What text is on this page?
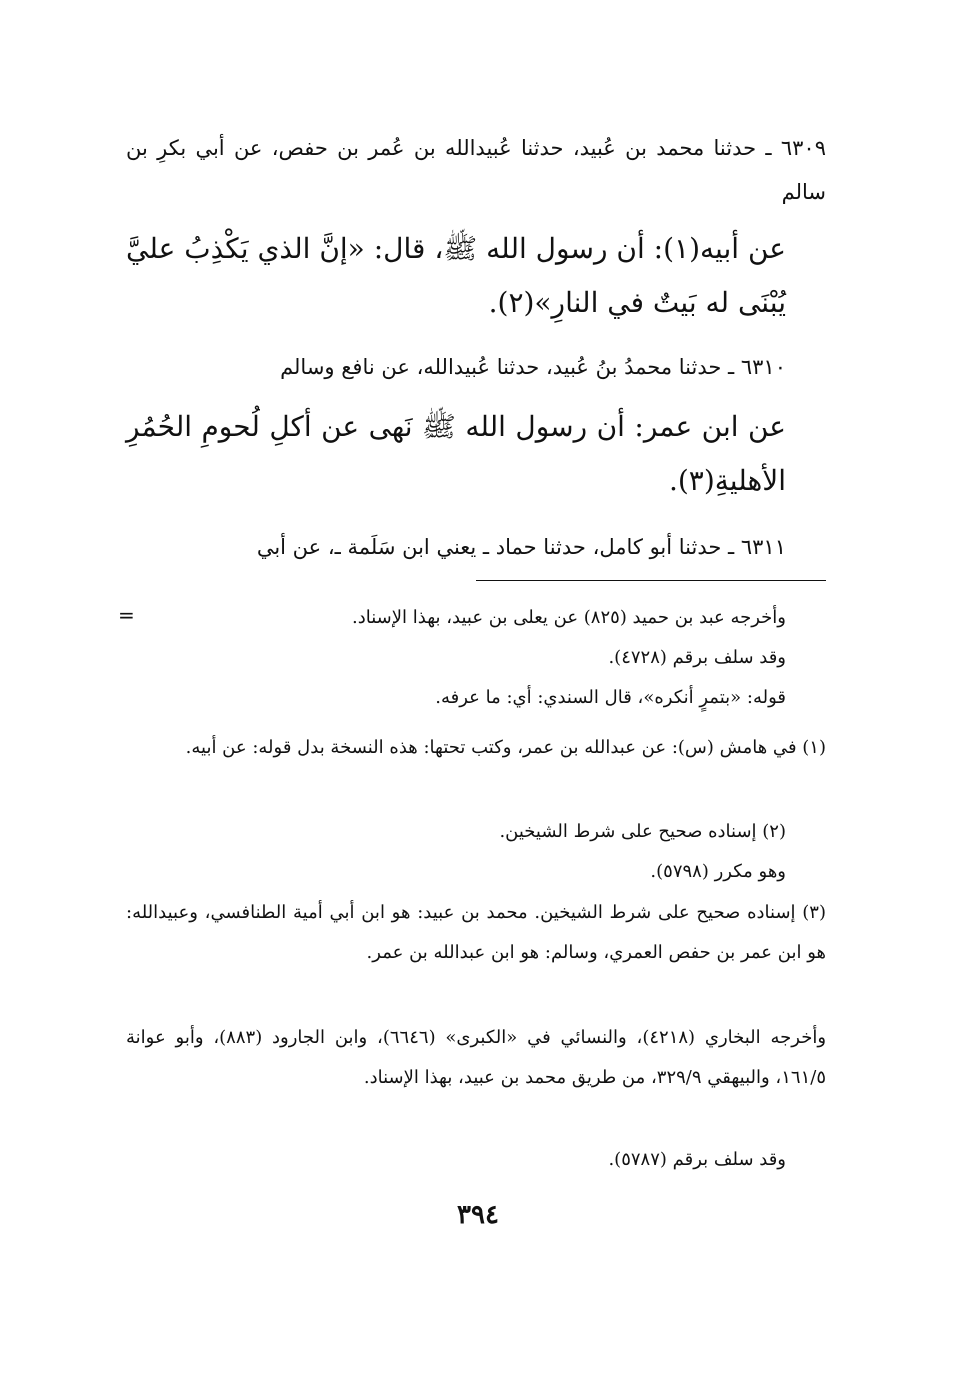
٦٣٠٩ ـ حدثنا محمد بن عُبيد، حدثنا عُبيدالله بن عُمر بن حفص، عن أبي بكرِ بن سالم
عن أبيه(١): أن رسول الله ﷺ، قال: «إنَّ الذي يَكْذِبُ عليَّ يُبْنَى له بَيتٌ في النارِ»(٢).
٦٣١٠ ـ حدثنا محمدُ بنُ عُبيد، حدثنا عُبيدالله، عن نافع وسالم
عن ابن عمر: أن رسول الله ﷺ نَهى عن أكلِ لُحومِ الحُمُرِ الأهليةِ(٣).
٦٣١١ ـ حدثنا أبو كامل، حدثنا حماد ـ يعني ابن سَلَمة ـ، عن أبي
=	وأخرجه عبد بن حميد (٨٢٥) عن يعلى بن عبيد، بهذا الإسناد.
وقد سلف برقم (٤٧٢٨).
قوله: «بتمرٍ أنكره»، قال السندي: أي: ما عرفه.
(١) في هامش (س): عن عبدالله بن عمر، وكتب تحتها: هذه النسخة بدل قوله: عن أبيه.
(٢) إسناده صحيح على شرط الشيخين.
وهو مكرر (٥٧٩٨).
(٣) إسناده صحيح على شرط الشيخين. محمد بن عبيد: هو ابن أبي أمية الطنافسي، وعبيدالله: هو ابن عمر بن حفص العمري، وسالم: هو ابن عبدالله بن عمر.
وأخرجه البخاري (٤٢١٨)، والنسائي في «الكبرى» (٦٦٤٦)، وابن الجارود (٨٨٣)، وأبو عوانة ١٦١/٥، والبيهقي ٣٢٩/٩، من طريق محمد بن عبيد، بهذا الإسناد.
وقد سلف برقم (٥٧٨٧).
٣٩٤
